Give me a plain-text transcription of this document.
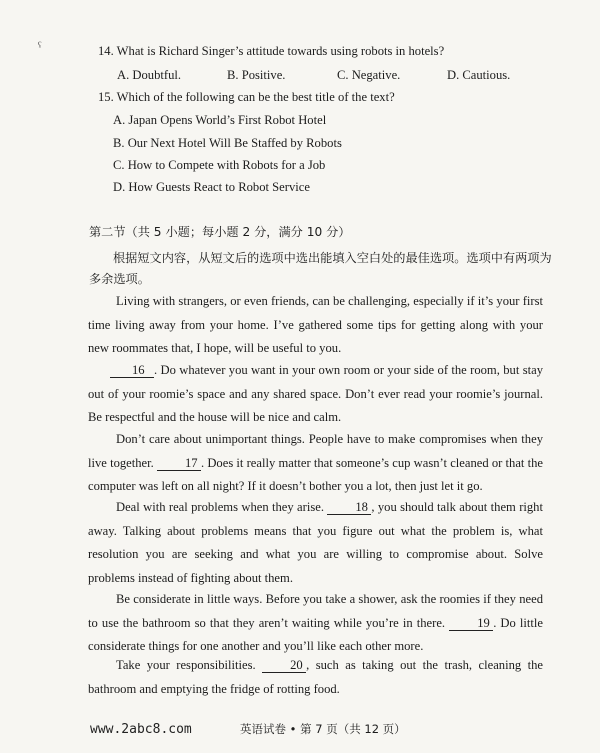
ˁ	14. What is Richard Singer’s attitude towards using robots in hotels?
A. Doubtful.	B. Positive.	C. Negative.	D. Cautious.
15. Which of the following can be the best title of the text?
A. Japan Opens World’s First Robot Hotel
B. Our Next Hotel Will Be Staffed by Robots
C. How to Compete with Robots for a Job
D. How Guests React to Robot Service
第二节（共 5 小题；每小题 2 分，满分 10 分）
根据短文内容，从短文后的选项中选出能填入空白处的最佳选项。选项中有两项为
多余选项。

Living with strangers, or even friends, can be challenging, especially if it’s your first time living away from your home. I’ve gathered some tips for getting along with your new roommates that, I hope, will be useful to you.

16 . Do whatever you want in your own room or your side of the room, but stay out of your roomie’s space and any shared space. Don’t ever read your roomie’s journal. Be respectful and the house will be nice and calm.

Don’t care about unimportant things. People have to make compromises when they live together. 17 . Does it really matter that someone’s cup wasn’t cleaned or that the computer was left on all night? If it doesn’t bother you a lot, then just let it go.

Deal with real problems when they arise. 18 , you should talk about them right away. Talking about problems means that you figure out what the problem is, what resolution you are seeking and what you are willing to compromise about. Solve problems instead of fighting about them.

Be considerate in little ways. Before you take a shower, ask the roomies if they need to use the bathroom so that they aren’t waiting while you’re in there.	19 . Do little considerate things for one another and you’ll like each other more.

Take your responsibilities.	20 , such as taking out the trash, cleaning the bathroom and emptying the fridge of rotting food.

www.2abc8.com	英语试卷 • 第 7 页（共 12 页）
